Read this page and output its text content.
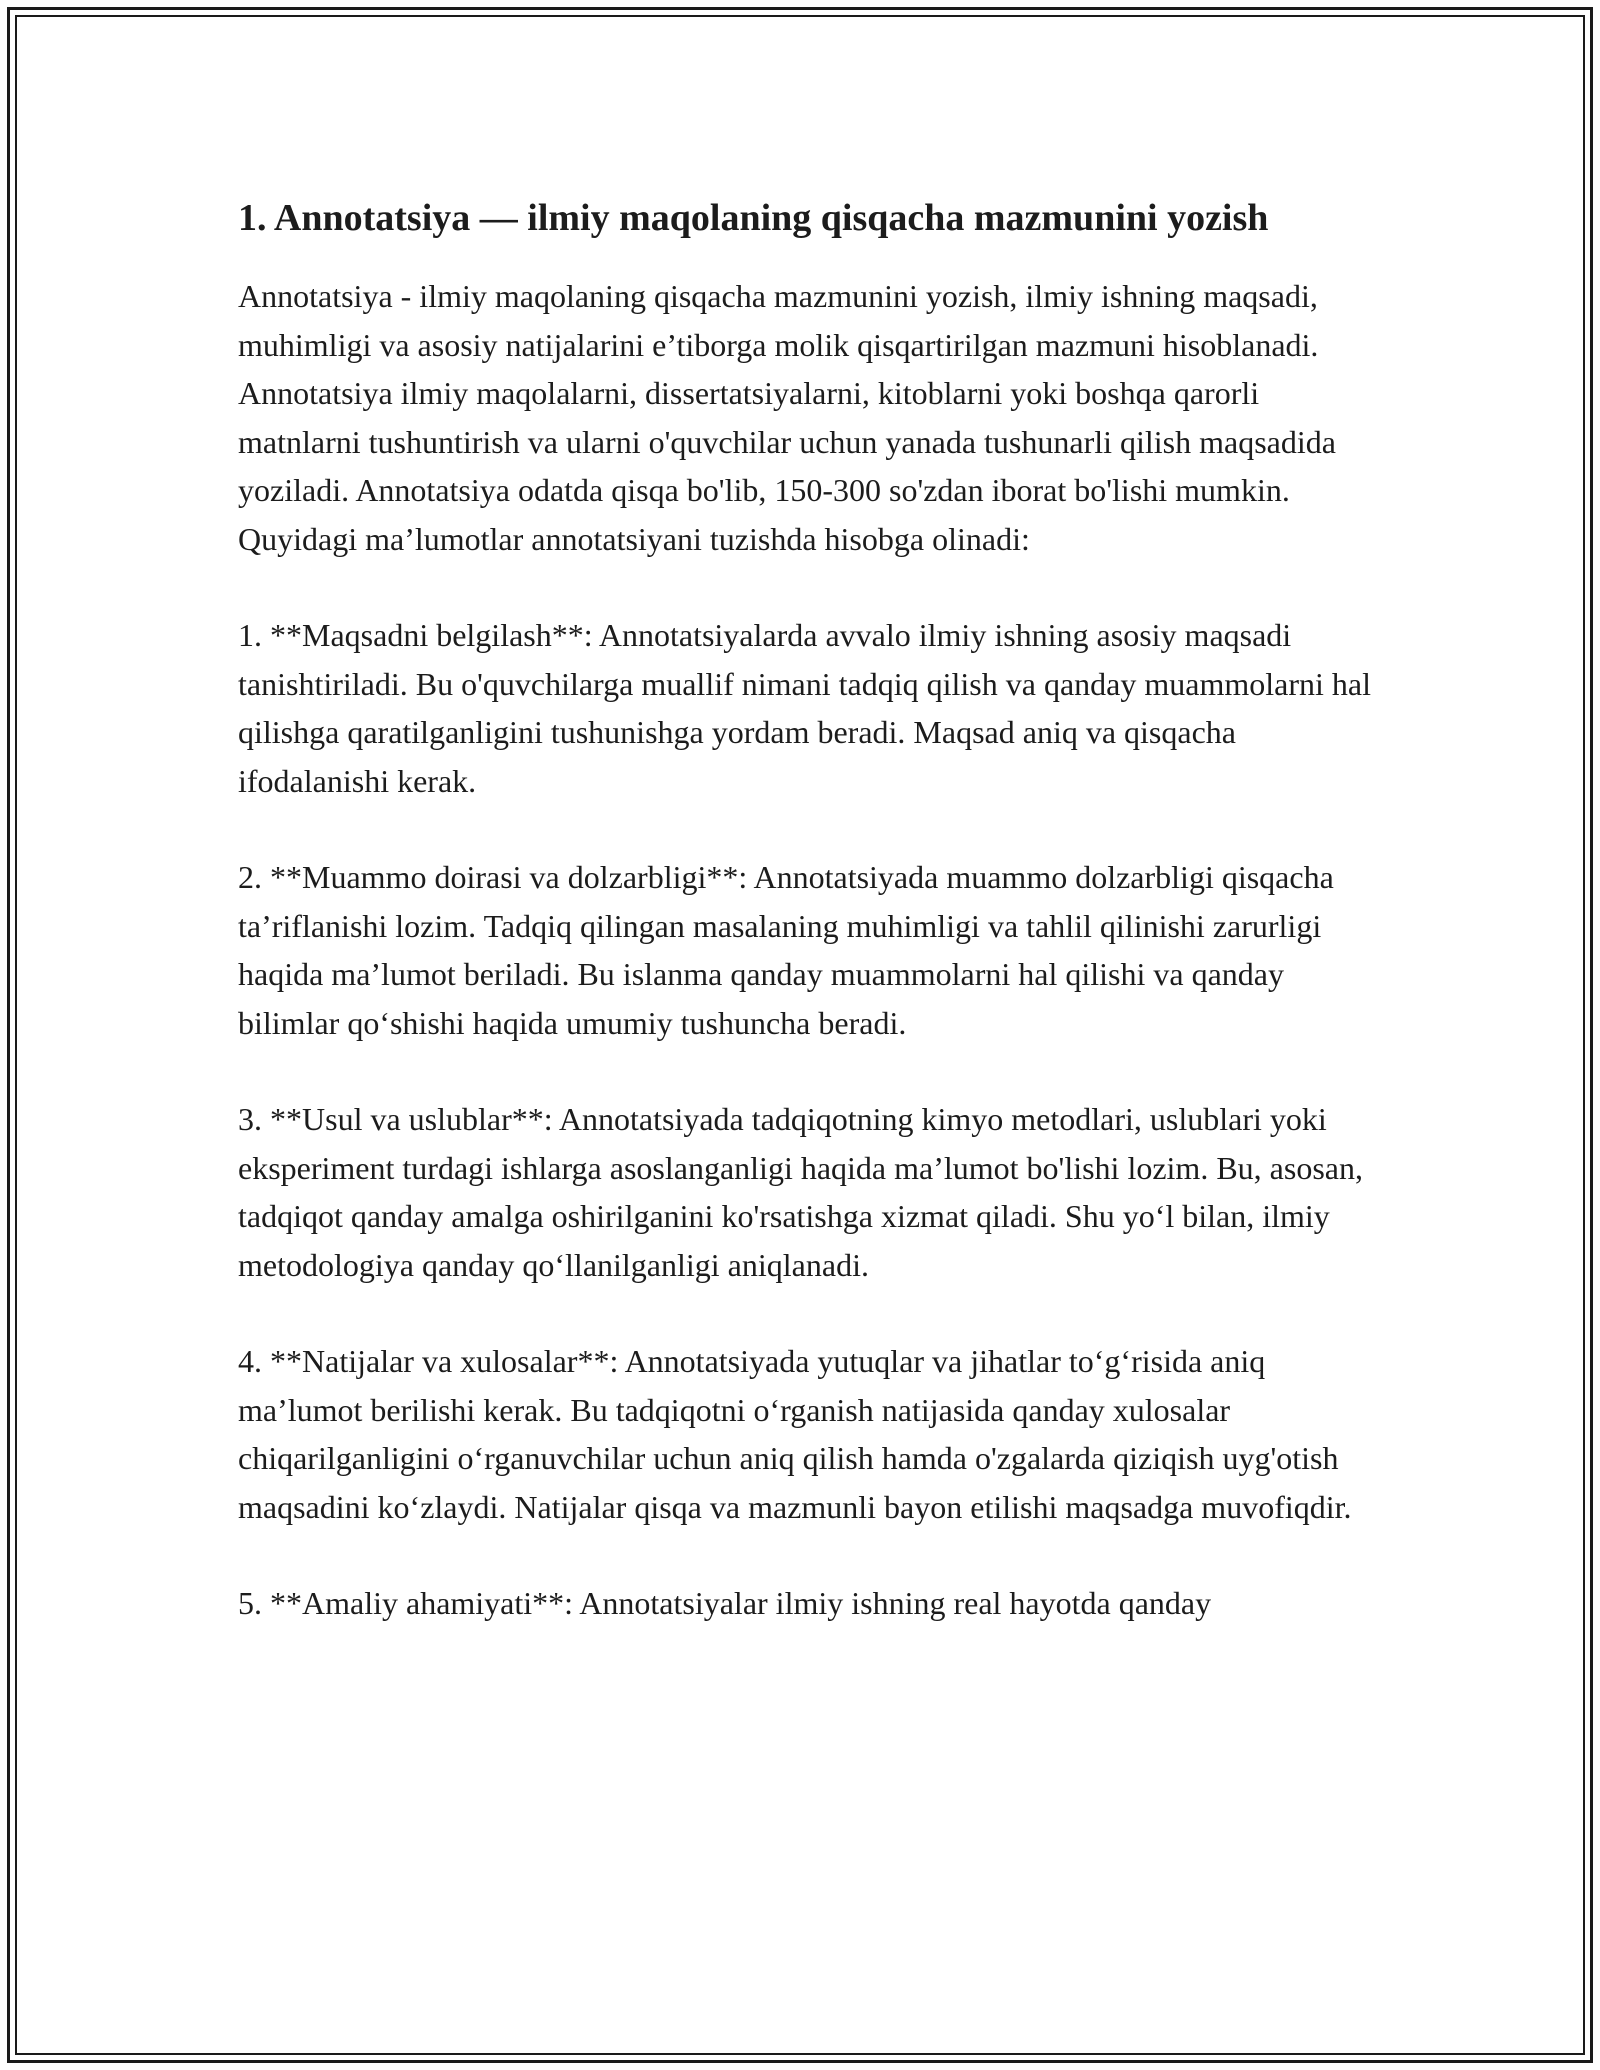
1. Annotatsiya — ilmiy maqolaning qisqacha mazmunini yozish

Annotatsiya - ilmiy maqolaning qisqacha mazmunini yozish, ilmiy ishning maqsadi, muhimligi va asosiy natijalarini e’tiborga molik qisqartirilgan mazmuni hisoblanadi. Annotatsiya ilmiy maqolalarni, dissertatsiyalarni, kitoblarni yoki boshqa qarorli matnlarni tushuntirish va ularni o'quvchilar uchun yanada tushunarli qilish maqsadida yoziladi. Annotatsiya odatda qisqa bo'lib, 150-300 so'zdan iborat bo'lishi mumkin. Quyidagi ma’lumotlar annotatsiyani tuzishda hisobga olinadi:

1. **Maqsadni belgilash**: Annotatsiyalarda avvalo ilmiy ishning asosiy maqsadi tanishtiriladi. Bu o'quvchilarga muallif nimani tadqiq qilish va qanday muammolarni hal qilishga qaratilganligini tushunishga yordam beradi. Maqsad aniq va qisqacha ifodalanishi kerak.

2. **Muammo doirasi va dolzarbligi**: Annotatsiyada muammo dolzarbligi qisqacha ta’riflanishi lozim. Tadqiq qilingan masalaning muhimligi va tahlil qilinishi zarurligi haqida ma’lumot beriladi. Bu islanma qanday muammolarni hal qilishi va qanday bilimlar qo‘shishi haqida umumiy tushuncha beradi.

3. **Usul va uslublar**: Annotatsiyada tadqiqotning kimyo metodlari, uslublari yoki eksperiment turdagi ishlarga asoslanganligi haqida ma’lumot bo'lishi lozim. Bu, asosan, tadqiqot qanday amalga oshirilganini ko'rsatishga xizmat qiladi. Shu yo‘l bilan, ilmiy metodologiya qanday qo‘llanilganligi aniqlanadi.

4. **Natijalar va xulosalar**: Annotatsiyada yutuqlar va jihatlar to‘g‘risida aniq ma’lumot berilishi kerak. Bu tadqiqotni o‘rganish natijasida qanday xulosalar chiqarilganligini o‘rganuvchilar uchun aniq qilish hamda o'zgalarda qiziqish uyg'otish maqsadini ko‘zlaydi. Natijalar qisqa va mazmunli bayon etilishi maqsadga muvofiqdir.

5. **Amaliy ahamiyati**: Annotatsiyalar ilmiy ishning real hayotda qanday
